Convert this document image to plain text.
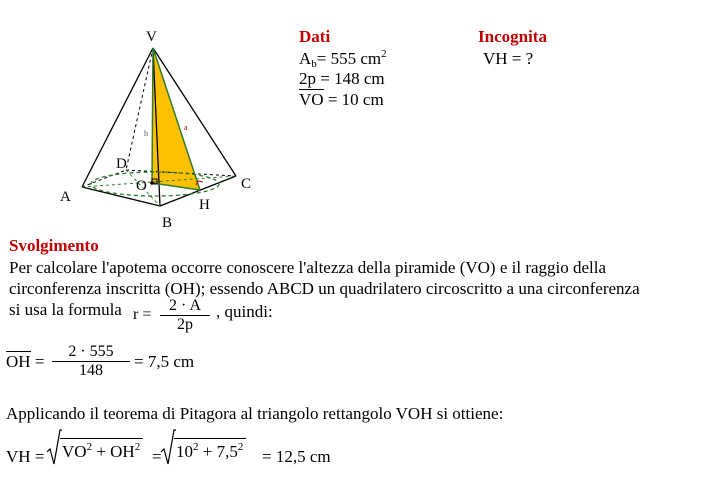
V
A
B
C
D
O
H
h
a
Dati
$A_b= 555$ $cm^2$
2p = 148 cm
VO = 10 cm
Incognita
VH = ?
Svolgimento
Per calcolare l'apotema occorre conoscere l'altezza della piramide (VO) e il raggio della
circonferenza inscritta (OH); essendo ABCD un quadrilatero circoscritto a una circonferenza
si usa la formula $r = \frac{2 \cdot A}{2p}$ , quindi:
OH = $\frac{2 \cdot 555}{148} = 7,5$ cm
Applicando il teorema di Pitagora al triangolo rettangolo VOH si ottiene:
VH = $VO^2 + OH^2 = 10^2 + 7,5^2 = 12,5$ cm
